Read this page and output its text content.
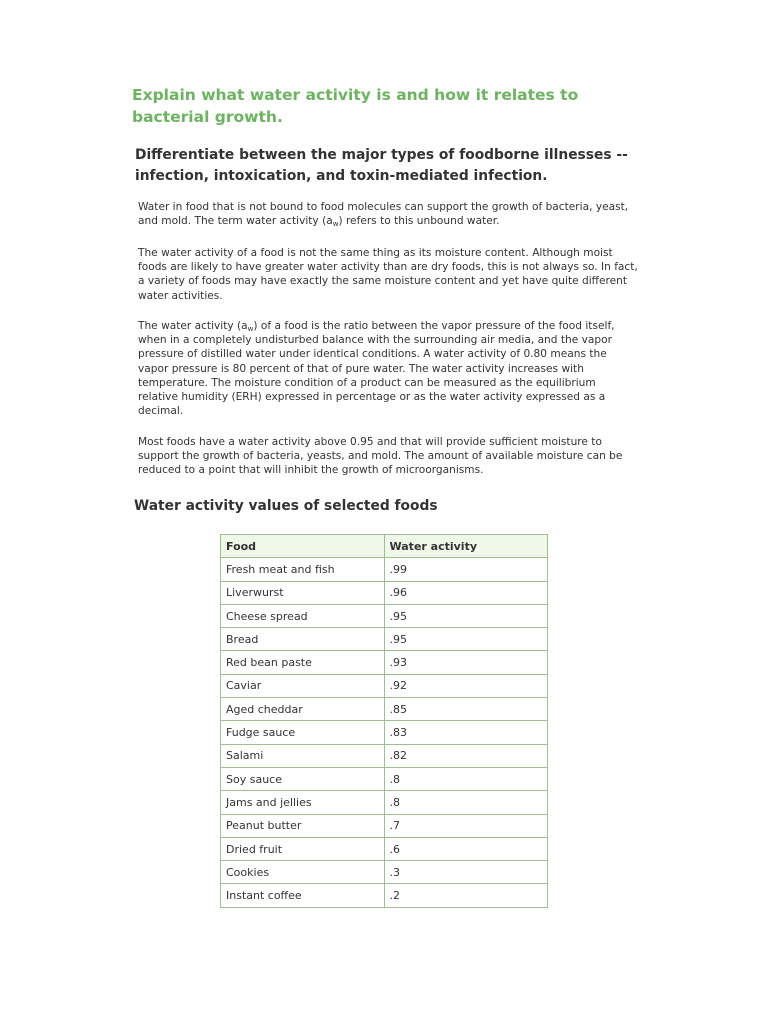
Explain what water activity is and how it relates to bacterial growth.
Differentiate between the major types of foodborne illnesses -- infection, intoxication, and toxin-mediated infection.

Water in food that is not bound to food molecules can support the growth of bacteria, yeast, and mold. The term water activity $(a_w)$ refers to this unbound water.

The water activity of a food is not the same thing as its moisture content. Although moist foods are likely to have greater water activity than are dry foods, this is not always so. In fact, a variety of foods may have exactly the same moisture content and yet have quite different water activities.

The water activity $(a_w)$ of a food is the ratio between the vapor pressure of the food itself, when in a completely undisturbed balance with the surrounding air media, and the vapor pressure of distilled water under identical conditions. A water activity of 0.80 means the vapor pressure is 80 percent of that of pure water. The water activity increases with temperature. The moisture condition of a product can be measured as the equilibrium relative humidity (ERH) expressed in percentage or as the water activity expressed as a decimal.

Most foods have a water activity above 0.95 and that will provide sufficient moisture to support the growth of bacteria, yeasts, and mold. The amount of available moisture can be reduced to a point that will inhibit the growth of microorganisms.

Water activity values of selected foods
Food	Water activity
Fresh meat and fish	.99
Liverwurst	.96
Cheese spread	.95
Bread	.95
Red bean paste	.93
Caviar	.92
Aged cheddar	.85
Fudge sauce	.83
Salami	.82
Soy sauce	.8
Jams and jellies	.8
Peanut butter	.7
Dried fruit	.6
Cookies	.3
Instant coffee	.2
